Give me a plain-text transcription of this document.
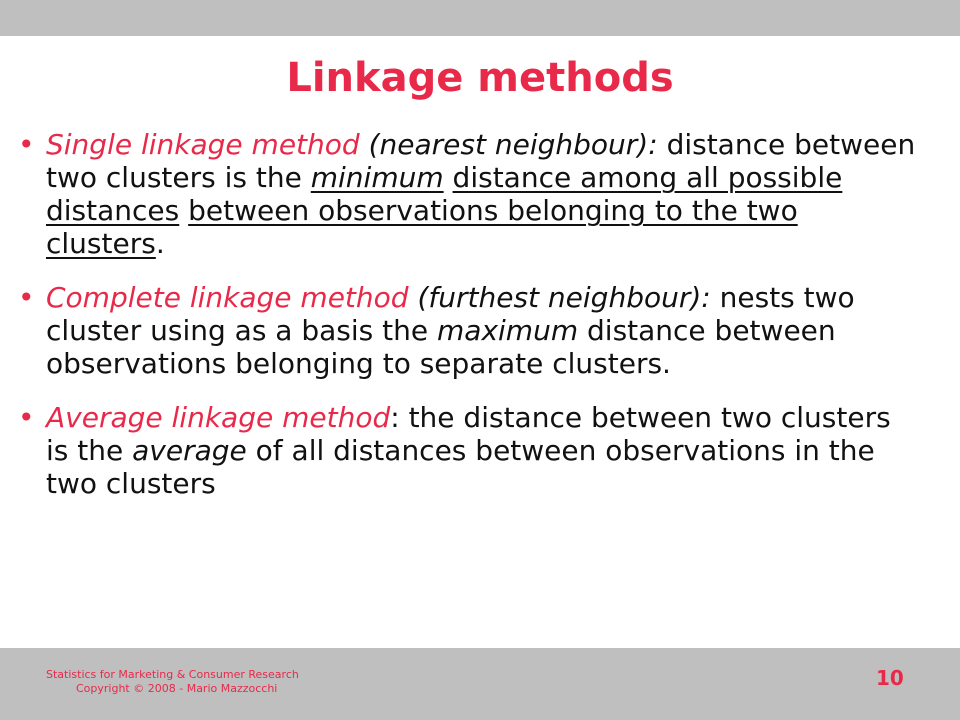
Linkage methods
• Single linkage method (nearest neighbour): distance between two clusters is the minimum distance among all possible distances between observations belonging to the two clusters.
• Complete linkage method (furthest neighbour): nests two cluster using as a basis the maximum distance between observations belonging to separate clusters.
• Average linkage method: the distance between two clusters is the average of all distances between observations in the two clusters
Statistics for Marketing & Consumer Research
Copyright © 2008 - Mario Mazzocchi	10
